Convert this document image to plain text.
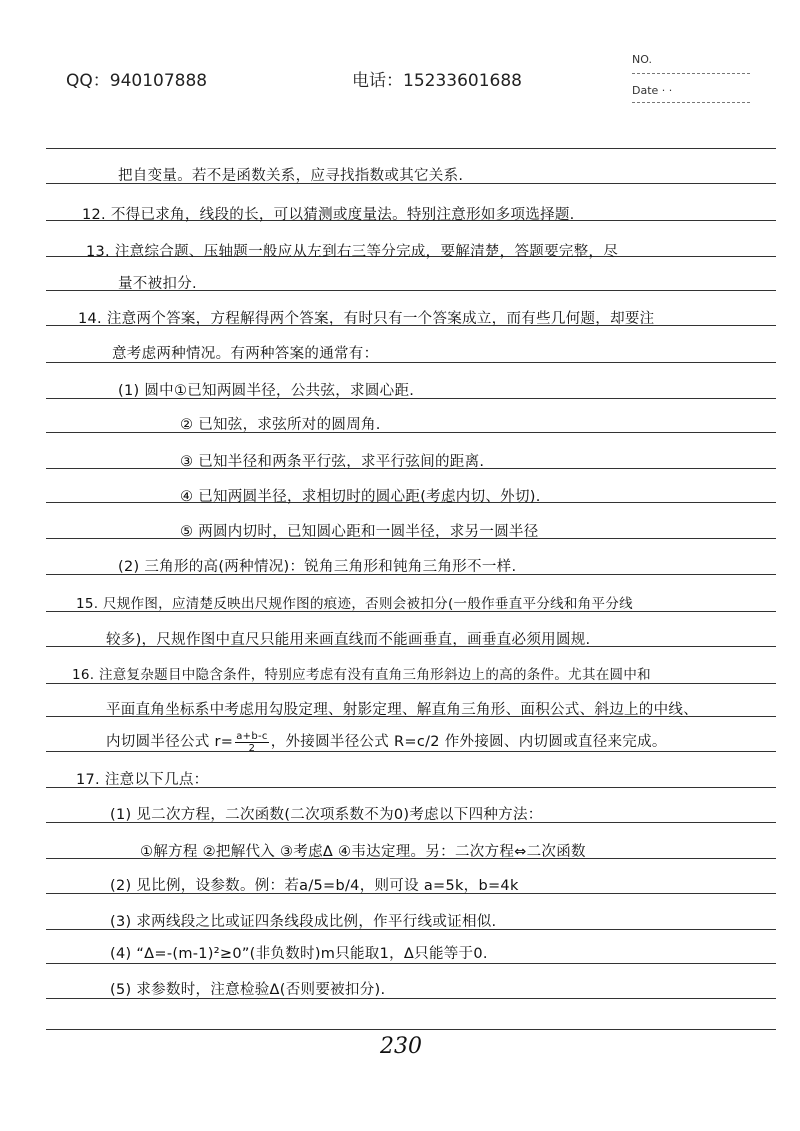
QQ：940107888	电话：15233601688
NO.
Date · ·
把自变量。若不是函数关系，应寻找指数或其它关系.
12. 不得已求角，线段的长，可以猜测或度量法。特别注意形如多项选择题.
13. 注意综合题、压轴题一般应从左到右三等分完成，要解清楚，答题要完整，尽
量不被扣分.
14. 注意两个答案，方程解得两个答案，有时只有一个答案成立，而有些几何题，却要注
意考虑两种情况。有两种答案的通常有：
(1) 圆中①已知两圆半径，公共弦，求圆心距.
② 已知弦，求弦所对的圆周角.
③ 已知半径和两条平行弦，求平行弦间的距离.
④ 已知两圆半径，求相切时的圆心距(考虑内切、外切).
⑤ 两圆内切时，已知圆心距和一圆半径，求另一圆半径
(2) 三角形的高(两种情况)：锐角三角形和钝角三角形不一样.
15. 尺规作图，应清楚反映出尺规作图的痕迹，否则会被扣分(一般作垂直平分线和角平分线
较多)，尺规作图中直尺只能用来画直线而不能画垂直，画垂直必须用圆规.
16. 注意复杂题目中隐含条件，特别应考虑有没有直角三角形斜边上的高的条件。尤其在圆中和
平面直角坐标系中考虑用勾股定理、射影定理、解直角三角形、面积公式、斜边上的中线、
内切圆半径公式 $r= \frac{a+b-c}{2}$ ，外接圆半径公式 R=c/2 作外接圆、内切圆或直径来完成。
17. 注意以下几点：
(1) 见二次方程，二次函数(二次项系数不为0)考虑以下四种方法：
①解方程 ②把解代入 ③考虑Δ ④韦达定理。另：二次方程⇔二次函数
(2) 见比例，设参数。例：若a/5=b/4，则可设 a=5k，b=4k
(3) 求两线段之比或证四条线段成比例，作平行线或证相似.
(4) “Δ=-(m-1)²≥0”(非负数时)m只能取1，Δ只能等于0.
(5) 求参数时，注意检验Δ(否则要被扣分).
230
